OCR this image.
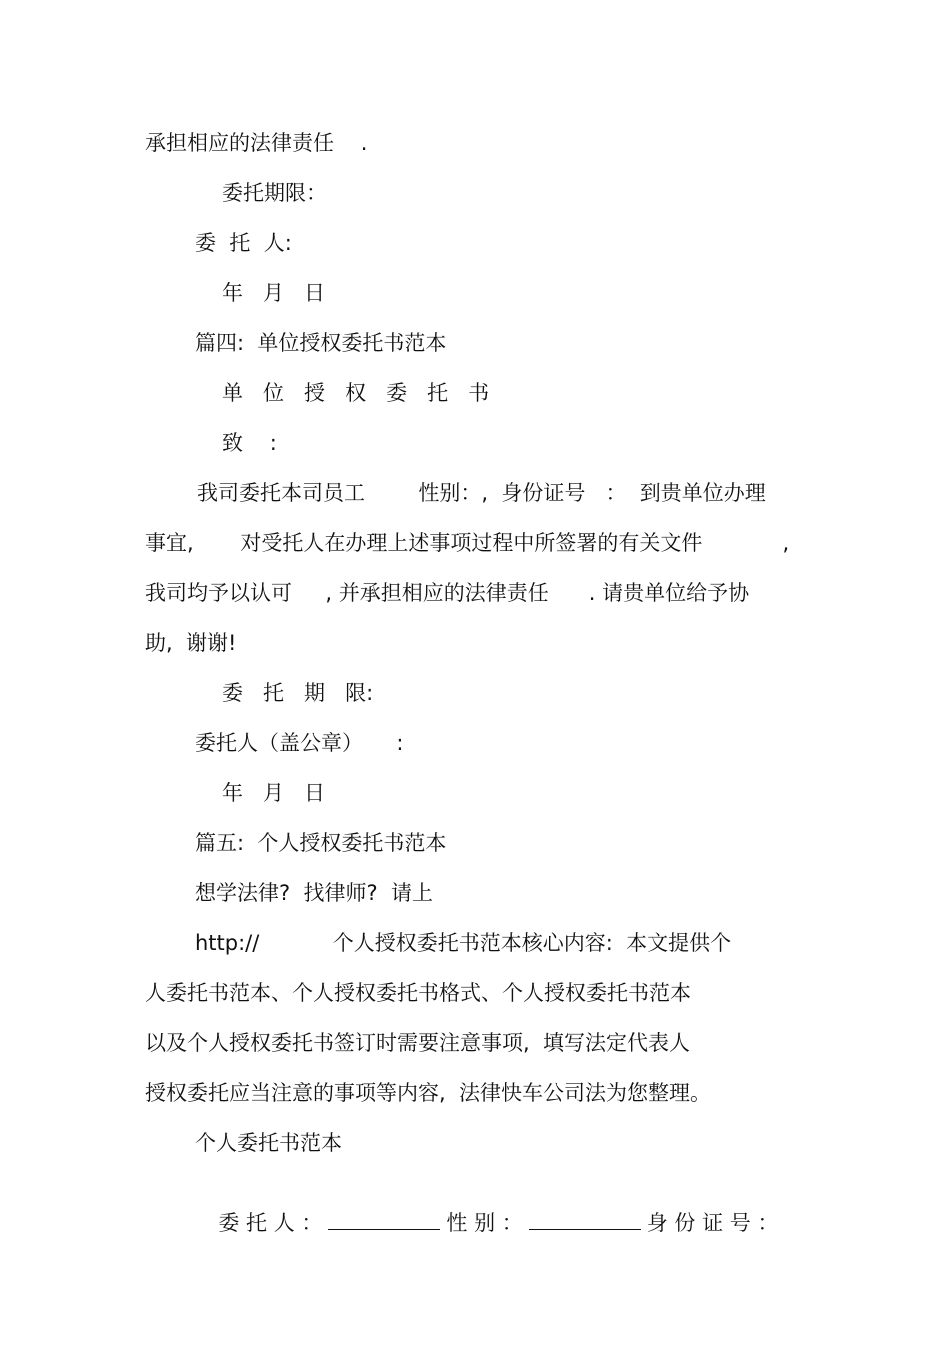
承担相应的法律责任    .

委托期限：

委  托  人:

年   月   日

篇四:  单位授权委托书范本

单   位   授   权   委   托   书

致    :

我司委托本司员工        性别：,  身份证号   ：  到贵单位办理

事宜,       对受托人在办理上述事项过程中所签署的有关文件            ,

我司均予以认可     , 并承担相应的法律责任      . 请贵单位给予协

助,  谢谢!

委   托   期   限:

委托人（盖公章）     :

年   月   日

篇五:  个人授权委托书范本

想学法律?  找律师?  请上

http://           个人授权委托书范本核心内容:  本文提供个

人委托书范本、个人授权委托书格式、个人授权委托书范本

以及个人授权委托书签订时需要注意事项,  填写法定代表人

授权委托应当注意的事项等内容,  法律快车公司法为您整理。

个人委托书范本

委 托 人 ：	性 别 ：	身 份 证 号 ：
